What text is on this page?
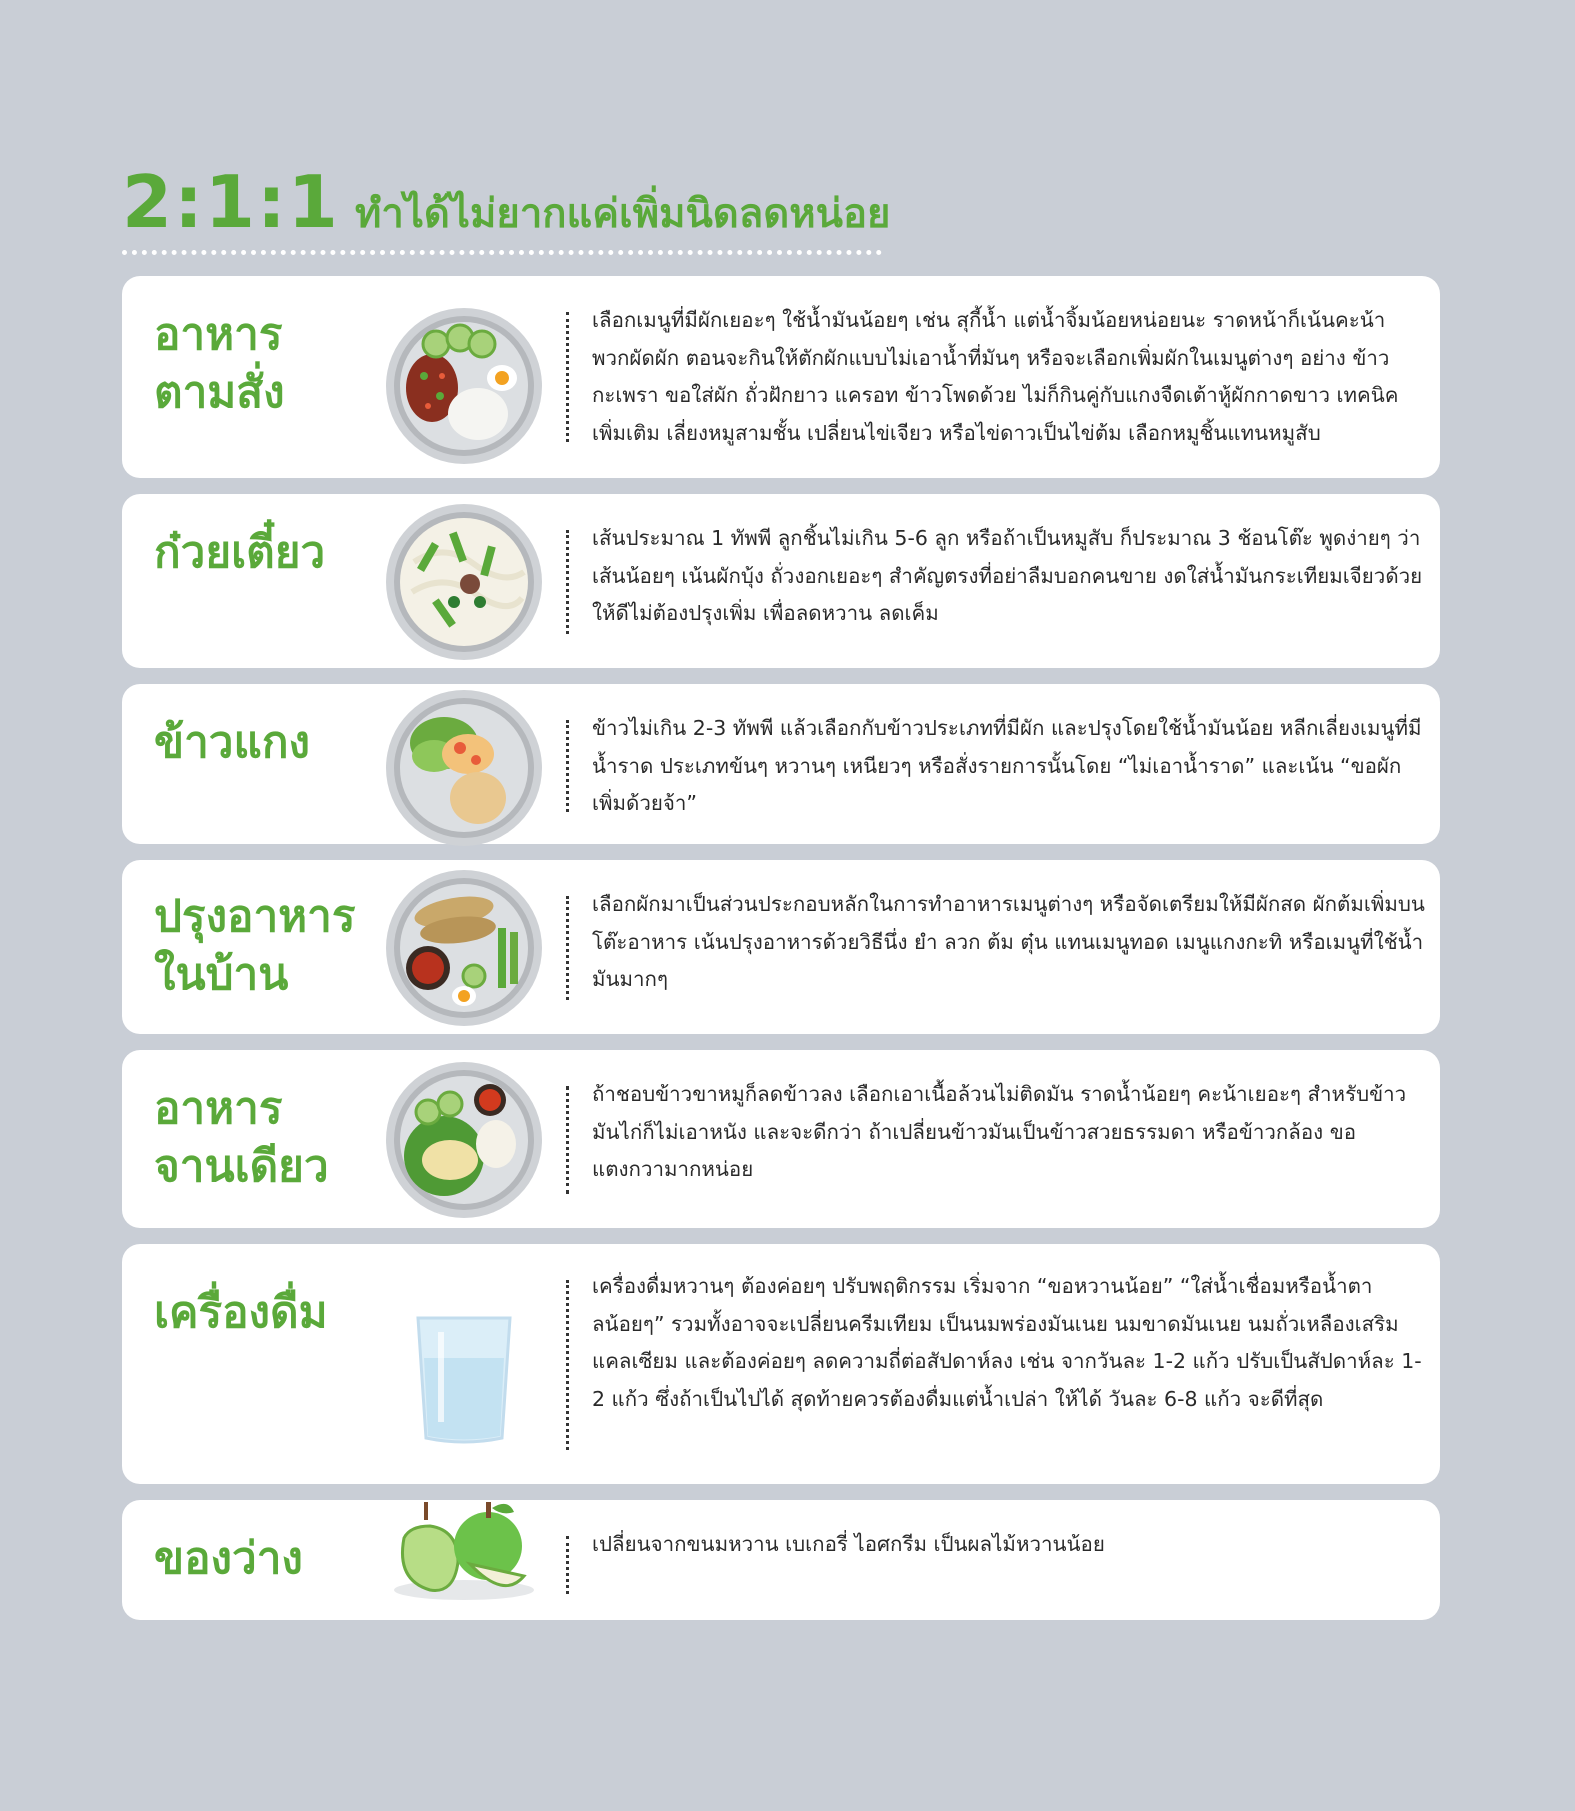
2:1:1 ทำได้ไม่ยากแค่เพิ่มนิดลดหน่อย
อาหาร
ตามสั่ง
เลือกเมนูที่มีผักเยอะๆ ใช้น้ำมันน้อยๆ เช่น สุกี้น้ำ แต่น้ำจิ้มน้อยหน่อยนะ ราดหน้าก็เน้นคะน้า พวกผัดผัก ตอนจะกินให้ตักผักแบบไม่เอาน้ำที่มันๆ หรือจะเลือกเพิ่มผักในเมนูต่างๆ อย่าง ข้าวกะเพรา ขอใส่ผัก ถั่วฝักยาว แครอท ข้าวโพดด้วย ไม่ก็กินคู่กับแกงจืดเต้าหู้ผักกาดขาว เทคนิคเพิ่มเติม เลี่ยงหมูสามชั้น เปลี่ยนไข่เจียว หรือไข่ดาวเป็นไข่ต้ม เลือกหมูชิ้นแทนหมูสับ
ก๋วยเตี๋ยว	เส้นประมาณ 1 ทัพพี ลูกชิ้นไม่เกิน 5-6 ลูก หรือถ้าเป็นหมูสับ ก็ประมาณ 3 ช้อนโต๊ะ พูดง่ายๆ ว่าเส้นน้อยๆ เน้นผักบุ้ง ถั่วงอกเยอะๆ สำคัญตรงที่อย่าลืมบอกคนขาย งดใส่น้ำมันกระเทียมเจียวด้วย ให้ดีไม่ต้องปรุงเพิ่ม เพื่อลดหวาน ลดเค็ม
ข้าวแกง	ข้าวไม่เกิน 2-3 ทัพพี แล้วเลือกกับข้าวประเภทที่มีผัก และปรุงโดยใช้น้ำมันน้อย หลีกเลี่ยงเมนูที่มีน้ำราด ประเภทข้นๆ หวานๆ เหนียวๆ หรือสั่งรายการนั้นโดย “ไม่เอาน้ำราด” และเน้น “ขอผักเพิ่มด้วยจ้า”
ปรุงอาหาร
ในบ้าน
เลือกผักมาเป็นส่วนประกอบหลักในการทำอาหารเมนูต่างๆ หรือจัดเตรียมให้มีผักสด ผักต้มเพิ่มบนโต๊ะอาหาร เน้นปรุงอาหารด้วยวิธีนึ่ง ยำ ลวก ต้ม ตุ๋น แทนเมนูทอด เมนูแกงกะทิ หรือเมนูที่ใช้น้ำมันมากๆ
อาหาร
จานเดียว
ถ้าชอบข้าวขาหมูก็ลดข้าวลง เลือกเอาเนื้อล้วนไม่ติดมัน ราดน้ำน้อยๆ คะน้าเยอะๆ สำหรับข้าวมันไก่ก็ไม่เอาหนัง และจะดีกว่า ถ้าเปลี่ยนข้าวมันเป็นข้าวสวยธรรมดา หรือข้าวกล้อง ขอแตงกวามากหน่อย
เครื่องดื่ม
เครื่องดื่มหวานๆ ต้องค่อยๆ ปรับพฤติกรรม เริ่มจาก “ขอหวานน้อย” “ใส่น้ำเชื่อมหรือน้ำตาลน้อยๆ” รวมทั้งอาจจะเปลี่ยนครีมเทียม เป็นนมพร่องมันเนย นมขาดมันเนย นมถั่วเหลืองเสริมแคลเซียม และต้องค่อยๆ ลดความถี่ต่อสัปดาห์ลง เช่น จากวันละ 1-2 แก้ว ปรับเป็นสัปดาห์ละ 1-2 แก้ว ซึ่งถ้าเป็นไปได้ สุดท้ายควรต้องดื่มแต่น้ำเปล่า ให้ได้ วันละ 6-8 แก้ว จะดีที่สุด
ของว่าง	เปลี่ยนจากขนมหวาน เบเกอรี่ ไอศกรีม เป็นผลไม้หวานน้อย
